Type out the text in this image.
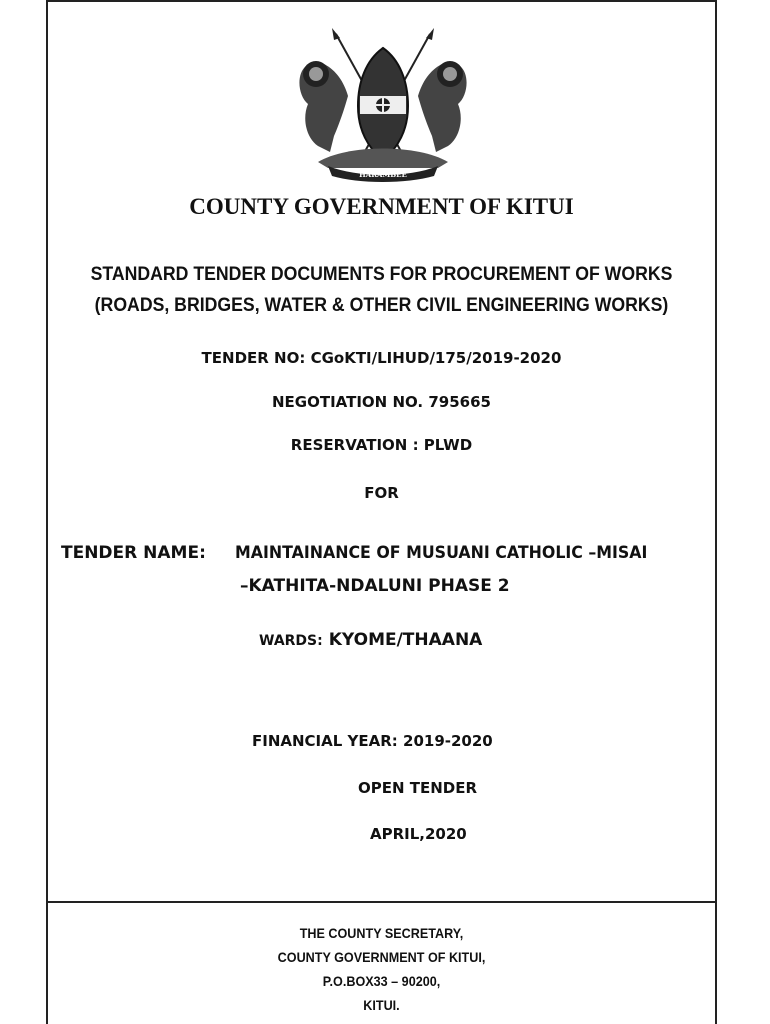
HARAMBEE
COUNTY GOVERNMENT OF KITUI
STANDARD TENDER DOCUMENTS FOR PROCUREMENT OF WORKS
(ROADS, BRIDGES, WATER & OTHER CIVIL ENGINEERING WORKS)
TENDER NO: CGoKTI/LIHUD/175/2019-2020
NEGOTIATION NO. 795665
RESERVATION : PLWD
FOR
TENDER NAME: MAINTAINANCE OF MUSUANI CATHOLIC –MISAI
–KATHITA-NDALUNI PHASE 2
WARDS: KYOME/THAANA
FINANCIAL YEAR: 2019-2020
OPEN TENDER
APRIL,2020
THE COUNTY SECRETARY,
COUNTY GOVERNMENT OF KITUI,
P.O.BOX33 – 90200,
KITUI.
